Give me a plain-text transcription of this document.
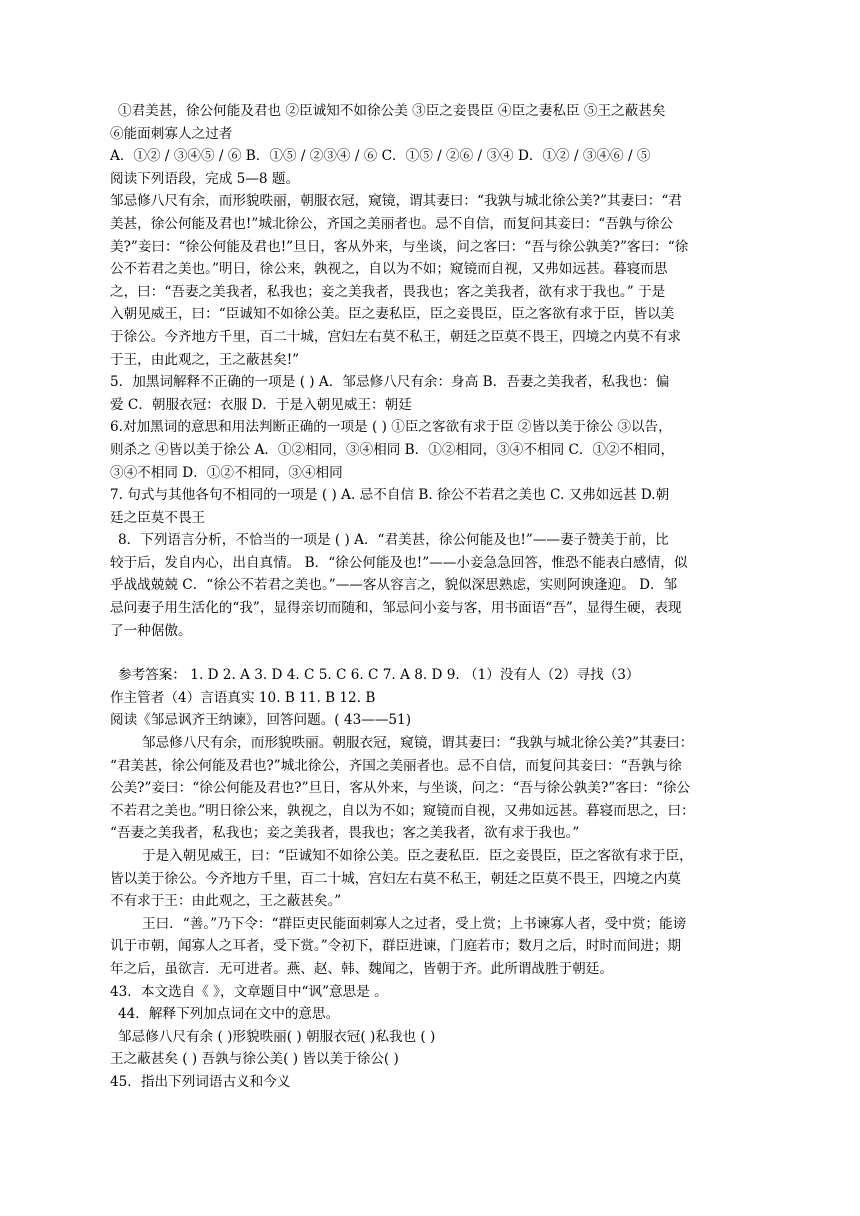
①君美甚，徐公何能及君也 ②臣诚知不如徐公美 ③臣之妾畏臣 ④臣之妻私臣 ⑤王之蔽甚矣
⑥能面刺寡人之过者
A．①② / ③④⑤ / ⑥ B．①⑤ / ②③④ / ⑥ C．①⑤ / ②⑥ / ③④ D．①② / ③④⑥ / ⑤
阅读下列语段，完成 5—8 题。
邹忌修八尺有余，而形貌昳丽，朝服衣冠，窥镜，谓其妻曰：“我孰与城北徐公美?”其妻曰：“君
美甚，徐公何能及君也!”城北徐公，齐国之美丽者也。忌不自信，而复问其妾曰：“吾孰与徐公
美?”妾曰：“徐公何能及君也!”旦日，客从外来，与坐谈，问之客曰：“吾与徐公孰美?”客曰：“徐
公不若君之美也。”明日，徐公来，孰视之，自以为不如；窥镜而自视，又弗如远甚。暮寝而思
之，曰：“吾妻之美我者，私我也；妾之美我者，畏我也；客之美我者，欲有求于我也。” 于是
入朝见威王，曰：“臣诚知不如徐公美。臣之妻私臣，臣之妾畏臣，臣之客欲有求于臣，皆以美
于徐公。今齐地方千里，百二十城，宫妇左右莫不私王，朝廷之臣莫不畏王，四境之内莫不有求
于王，由此观之，王之蔽甚矣!”
5．加黑词解释不正确的一项是 ( ) A．邹忌修八尺有余：身高 B．吾妻之美我者，私我也：偏
爱 C．朝服衣冠：衣服 D．于是入朝见威王：朝廷
6.对加黑词的意思和用法判断正确的一项是 ( ) ①臣之客欲有求于臣 ②皆以美于徐公 ③以告，
则杀之 ④皆以美于徐公 A．①②相同，③④相同 B．①②相同，③④不相同 C．①②不相同，
③④不相同 D．①②不相同，③④相同
7. 句式与其他各句不相同的一项是 ( ) A. 忌不自信 B. 徐公不若君之美也 C. 又弗如远甚 D.朝
廷之臣莫不畏王
8．下列语言分析，不恰当的一项是 ( ) A．“君美甚，徐公何能及也!”——妻子赞美于前，比
较于后，发自内心，出自真情。 B．“徐公何能及也!”——小妾急急回答，惟恐不能表白感情，似
乎战战兢兢 C．“徐公不若君之美也。”——客从容言之，貌似深思熟虑，实则阿谀逢迎。 D．邹
忌问妻子用生活化的“我”，显得亲切而随和，邹忌问小妾与客，用书面语“吾”，显得生硬，表现
了一种倨傲。
参考答案： 1. D 2. A 3. D 4. C 5. C 6. C 7. A 8. D 9. （1）没有人（2）寻找（3）
作主管者（4）言语真实 10. B 11. B 12. B
阅读《邹忌讽齐王纳谏》，回答问题。( 43——51)
邹忌修八尺有余，而形貌昳丽。朝服衣冠，窥镜，谓其妻曰：“我孰与城北徐公美?”其妻曰：
“君美甚，徐公何能及君也?”城北徐公，齐国之美丽者也。忌不自信，而复问其妾曰：“吾孰与徐
公美?”妾曰：“徐公何能及君也?”旦日，客从外来，与坐谈，问之：“吾与徐公孰美?”客曰：“徐公
不若君之美也。”明日徐公来，孰视之，自以为不如；窥镜而自视，又弗如远甚。暮寝而思之，曰：
“吾妻之美我者，私我也；妾之美我者，畏我也；客之美我者，欲有求于我也。”
于是入朝见威王，曰：“臣诚知不如徐公美。臣之妻私臣．臣之妾畏臣，臣之客欲有求于臣，
皆以美于徐公。今齐地方千里，百二十城，宫妇左右莫不私王，朝廷之臣莫不畏王，四境之内莫
不有求于王：由此观之，王之蔽甚矣。”
王曰．“善。”乃下令：“群臣吏民能面刺寡人之过者，受上赏；上书谏寡人者，受中赏；能谤
讥于市朝，闻寡人之耳者，受下赏。”令初下，群臣进谏，门庭若市；数月之后，时时而间进；期
年之后，虽欲言．无可进者。燕、赵、韩、魏闻之，皆朝于齐。此所谓战胜于朝廷。
43．本文选自《 》，文章题目中“讽”意思是 。
44．解释下列加点词在文中的意思。
邹忌修八尺有余 ( )形貌昳丽( ) 朝服衣冠( )私我也 ( )
王之蔽甚矣 ( ) 吾孰与徐公美( ) 皆以美于徐公( )
45．指出下列词语古义和今义
